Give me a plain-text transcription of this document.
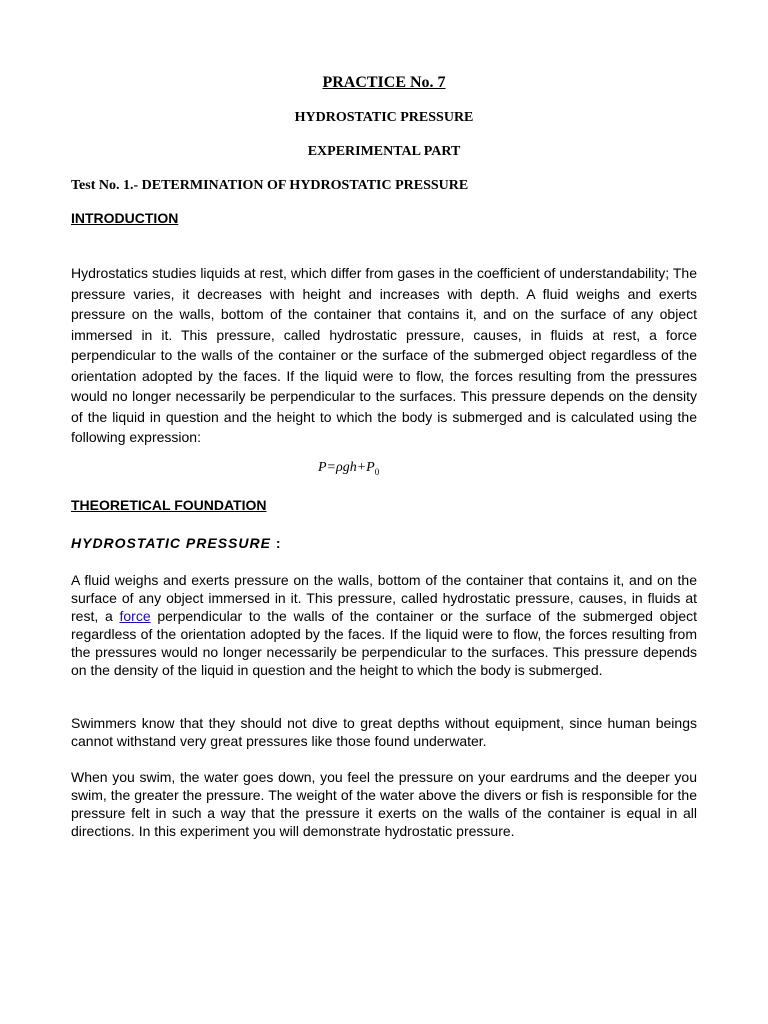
PRACTICE No. 7
HYDROSTATIC PRESSURE
EXPERIMENTAL PART
Test No. 1.- DETERMINATION OF HYDROSTATIC PRESSURE
INTRODUCTION
Hydrostatics studies liquids at rest, which differ from gases in the coefficient of understandability; The pressure varies, it decreases with height and increases with depth. A fluid weighs and exerts pressure on the walls, bottom of the container that contains it, and on the surface of any object immersed in it. This pressure, called hydrostatic pressure, causes, in fluids at rest, a force perpendicular to the walls of the container or the surface of the submerged object regardless of the orientation adopted by the faces. If the liquid were to flow, the forces resulting from the pressures would no longer necessarily be perpendicular to the surfaces. This pressure depends on the density of the liquid in question and the height to which the body is submerged and is calculated using the following expression:
$P=\rho gh+P_0$
THEORETICAL FOUNDATION
HYDROSTATIC PRESSURE :
A fluid weighs and exerts pressure on the walls, bottom of the container that contains it, and on the surface of any object immersed in it. This pressure, called hydrostatic pressure, causes, in fluids at rest, a force perpendicular to the walls of the container or the surface of the submerged object regardless of the orientation adopted by the faces. If the liquid were to flow, the forces resulting from the pressures would no longer necessarily be perpendicular to the surfaces. This pressure depends on the density of the liquid in question and the height to which the body is submerged.
Swimmers know that they should not dive to great depths without equipment, since human beings cannot withstand very great pressures like those found underwater.
When you swim, the water goes down, you feel the pressure on your eardrums and the deeper you swim, the greater the pressure. The weight of the water above the divers or fish is responsible for the pressure felt in such a way that the pressure it exerts on the walls of the container is equal in all directions. In this experiment you will demonstrate hydrostatic pressure.
